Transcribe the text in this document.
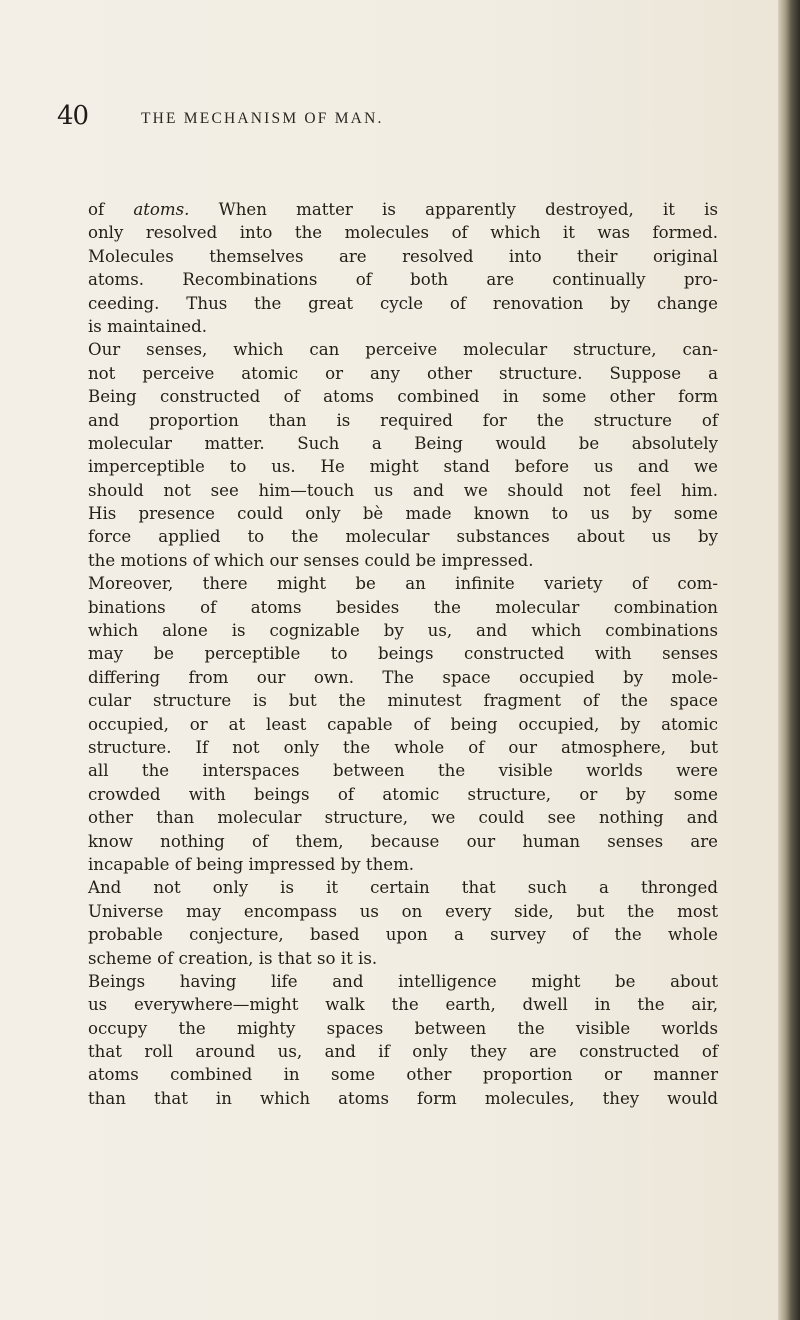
40	THE MECHANISM OF MAN.
of atoms. When matter is apparently destroyed, it is
only resolved into the molecules of which it was formed.
Molecules themselves are resolved into their original
atoms. Recombinations of both are continually pro-
ceeding. Thus the great cycle of renovation by change
is maintained.
Our senses, which can perceive molecular structure, can-
not perceive atomic or any other structure. Suppose a
Being constructed of atoms combined in some other form
and proportion than is required for the structure of
molecular matter. Such a Being would be absolutely
imperceptible to us. He might stand before us and we
should not see him—touch us and we should not feel him.
His presence could only bè made known to us by some
force applied to the molecular substances about us by
the motions of which our senses could be impressed.
Moreover, there might be an infinite variety of com-
binations of atoms besides the molecular combination
which alone is cognizable by us, and which combinations
may be perceptible to beings constructed with senses
differing from our own. The space occupied by mole-
cular structure is but the minutest fragment of the space
occupied, or at least capable of being occupied, by atomic
structure. If not only the whole of our atmosphere, but
all the interspaces between the visible worlds were
crowded with beings of atomic structure, or by some
other than molecular structure, we could see nothing and
know nothing of them, because our human senses are
incapable of being impressed by them.
And not only is it certain that such a thronged
Universe may encompass us on every side, but the most
probable conjecture, based upon a survey of the whole
scheme of creation, is that so it is.
Beings having life and intelligence might be about
us everywhere—might walk the earth, dwell in the air,
occupy the mighty spaces between the visible worlds
that roll around us, and if only they are constructed of
atoms combined in some other proportion or manner
than that in which atoms form molecules, they would
